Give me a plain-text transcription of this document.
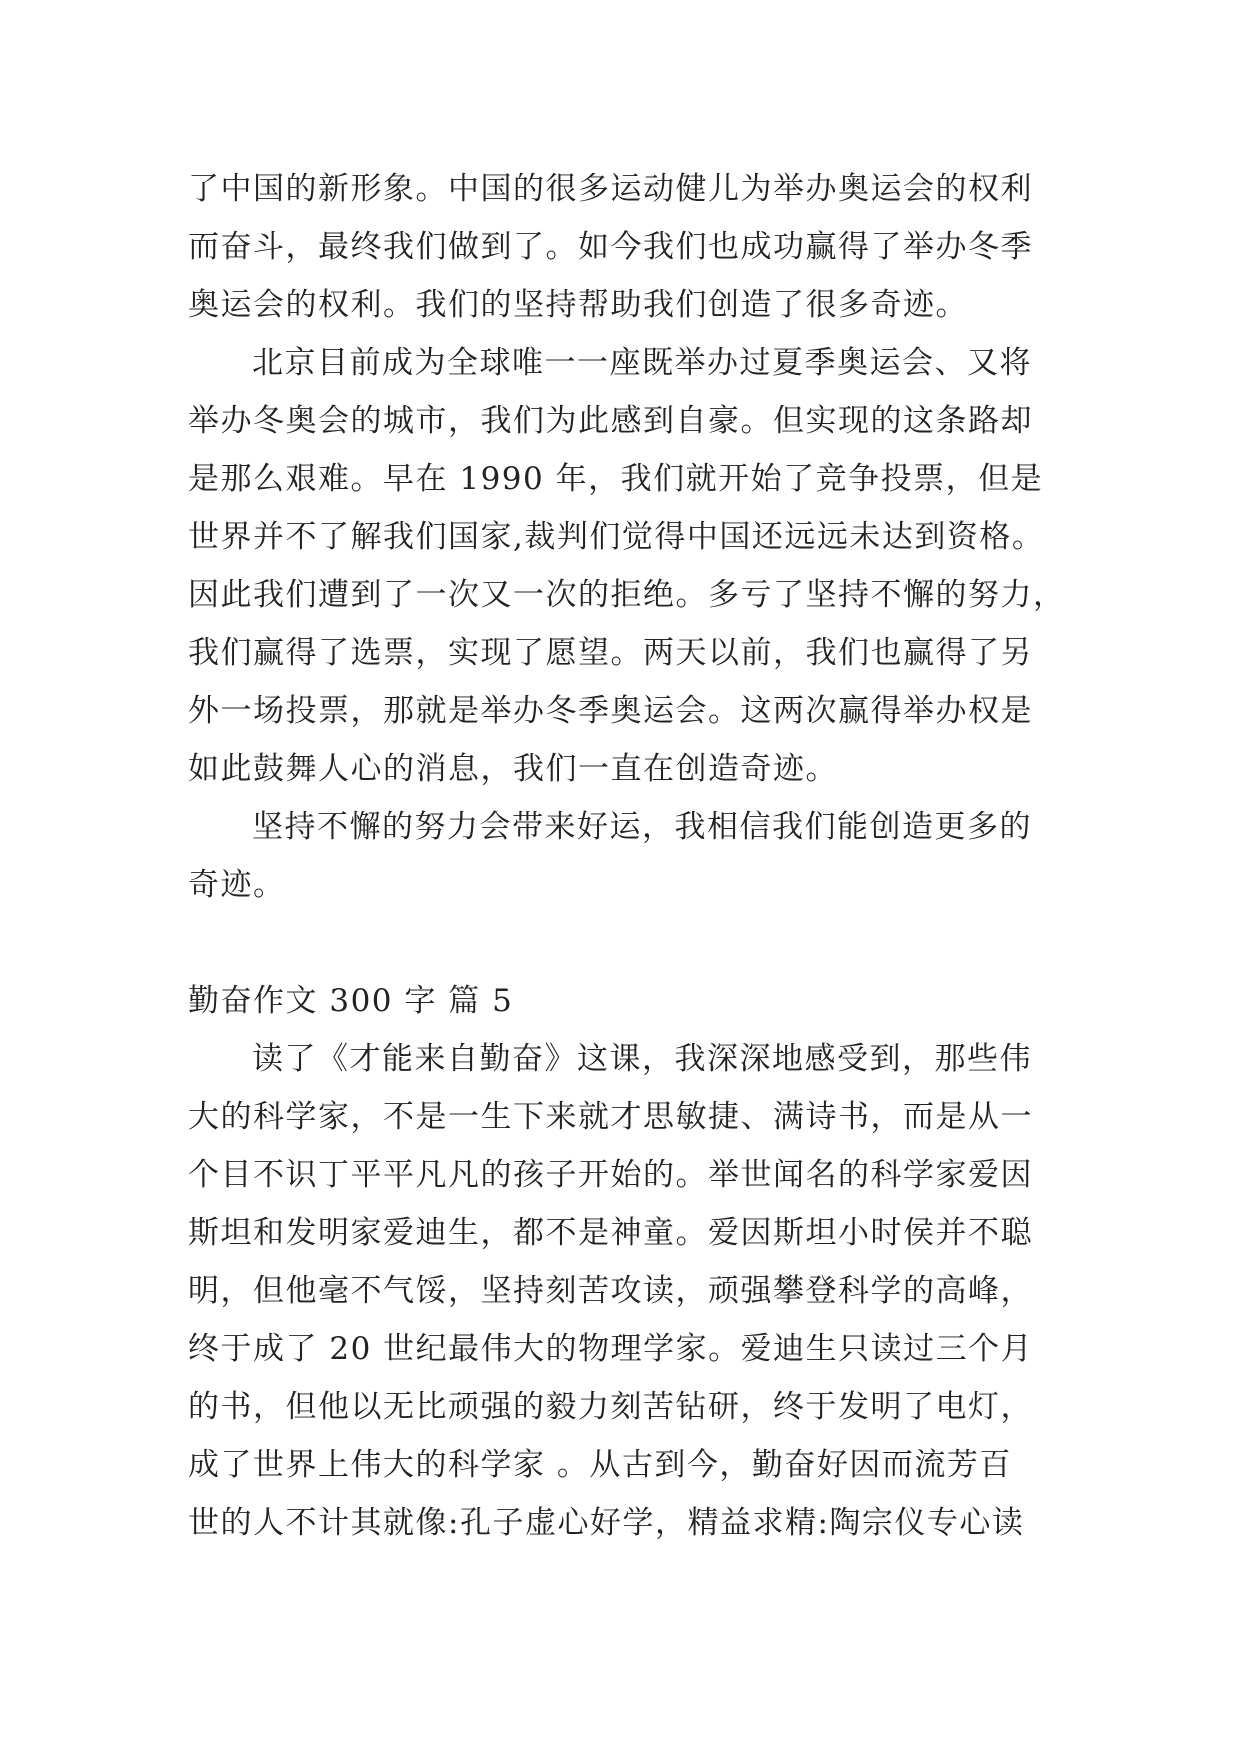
了中国的新形象。中国的很多运动健儿为举办奥运会的权利
而奋斗，最终我们做到了。如今我们也成功赢得了举办冬季
奥运会的权利。我们的坚持帮助我们创造了很多奇迹。
北京目前成为全球唯一一座既举办过夏季奥运会、又将
举办冬奥会的城市，我们为此感到自豪。但实现的这条路却
是那么艰难。早在 1990 年，我们就开始了竞争投票，但是
世界并不了解我们国家,裁判们觉得中国还远远未达到资格。
因此我们遭到了一次又一次的拒绝。多亏了坚持不懈的努力，
我们赢得了选票，实现了愿望。两天以前，我们也赢得了另
外一场投票，那就是举办冬季奥运会。这两次赢得举办权是
如此鼓舞人心的消息，我们一直在创造奇迹。
坚持不懈的努力会带来好运，我相信我们能创造更多的
奇迹。
勤奋作文 300 字 篇 5
读了《才能来自勤奋》这课，我深深地感受到，那些伟
大的科学家，不是一生下来就才思敏捷、满诗书，而是从一
个目不识丁平平凡凡的孩子开始的。举世闻名的科学家爱因
斯坦和发明家爱迪生，都不是神童。爱因斯坦小时侯并不聪
明，但他毫不气馁，坚持刻苦攻读，顽强攀登科学的高峰，
终于成了 20 世纪最伟大的物理学家。爱迪生只读过三个月
的书，但他以无比顽强的毅力刻苦钻研，终于发明了电灯，
成了世界上伟大的科学家 。从古到今，勤奋好因而流芳百
世的人不计其就像:孔子虚心好学，精益求精:陶宗仪专心读
